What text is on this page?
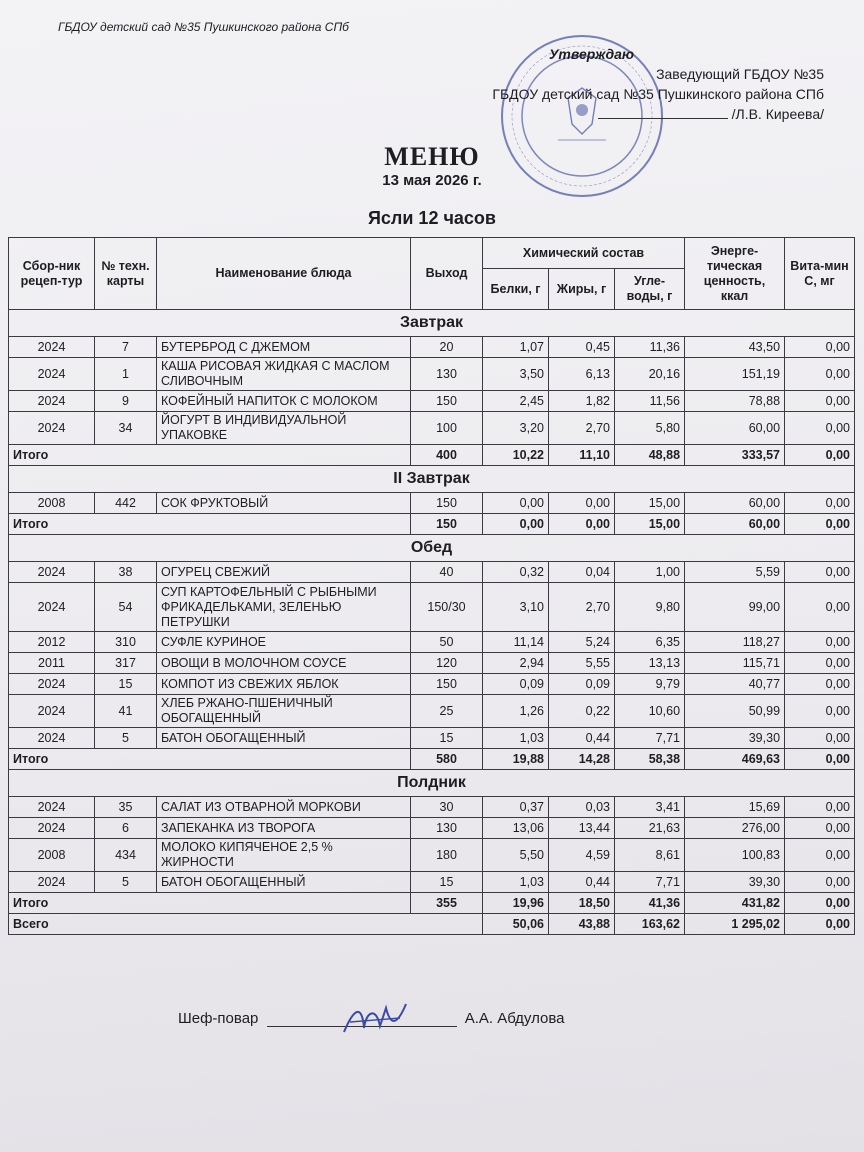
ГБДОУ детский сад №35 Пушкинского района СПб
Утверждаю
Заведующий ГБДОУ №35
ГБДОУ детский сад №35 Пушкинского района СПб
/Л.В. Киреева/
МЕНЮ
13 мая 2026 г.
Ясли 12 часов
Сбор-ник рецеп-тур	№ техн. карты	Наименование блюда	Выход	Химический состав			Энерге-тическая ценность, ккал	Вита-мин С, мг
				Белки, г	Жиры, г	Угле-воды, г		
Завтрак								
2024	7	БУТЕРБРОД С ДЖЕМОМ	20	1,07	0,45	11,36	43,50	0,00
2024	1	КАША РИСОВАЯ ЖИДКАЯ С МАСЛОМ СЛИВОЧНЫМ	130	3,50	6,13	20,16	151,19	0,00
2024	9	КОФЕЙНЫЙ НАПИТОК С МОЛОКОМ	150	2,45	1,82	11,56	78,88	0,00
2024	34	ЙОГУРТ В ИНДИВИДУАЛЬНОЙ УПАКОВКЕ	100	3,20	2,70	5,80	60,00	0,00
Итого			400	10,22	11,10	48,88	333,57	0,00
II Завтрак								
2008	442	СОК ФРУКТОВЫЙ	150	0,00	0,00	15,00	60,00	0,00
Итого			150	0,00	0,00	15,00	60,00	0,00
Обед								
2024	38	ОГУРЕЦ СВЕЖИЙ	40	0,32	0,04	1,00	5,59	0,00
2024	54	СУП КАРТОФЕЛЬНЫЙ С РЫБНЫМИ ФРИКАДЕЛЬКАМИ, ЗЕЛЕНЬЮ ПЕТРУШКИ	150/30	3,10	2,70	9,80	99,00	0,00
2012	310	СУФЛЕ КУРИНОЕ	50	11,14	5,24	6,35	118,27	0,00
2011	317	ОВОЩИ В МОЛОЧНОМ СОУСЕ	120	2,94	5,55	13,13	115,71	0,00
2024	15	КОМПОТ ИЗ СВЕЖИХ ЯБЛОК	150	0,09	0,09	9,79	40,77	0,00
2024	41	ХЛЕБ РЖАНО-ПШЕНИЧНЫЙ ОБОГАЩЕННЫЙ	25	1,26	0,22	10,60	50,99	0,00
2024	5	БАТОН ОБОГАЩЕННЫЙ	15	1,03	0,44	7,71	39,30	0,00
Итого			580	19,88	14,28	58,38	469,63	0,00
Полдник								
2024	35	САЛАТ ИЗ ОТВАРНОЙ МОРКОВИ	30	0,37	0,03	3,41	15,69	0,00
2024	6	ЗАПЕКАНКА ИЗ ТВОРОГА	130	13,06	13,44	21,63	276,00	0,00
2008	434	МОЛОКО КИПЯЧЕНОЕ 2,5 % ЖИРНОСТИ	180	5,50	4,59	8,61	100,83	0,00
2024	5	БАТОН ОБОГАЩЕННЫЙ	15	1,03	0,44	7,71	39,30	0,00
Итого			355	19,96	18,50	41,36	431,82	0,00
Всего				50,06	43,88	163,62	1 295,02	0,00
Шеф-повар	А.А. Абдулова
